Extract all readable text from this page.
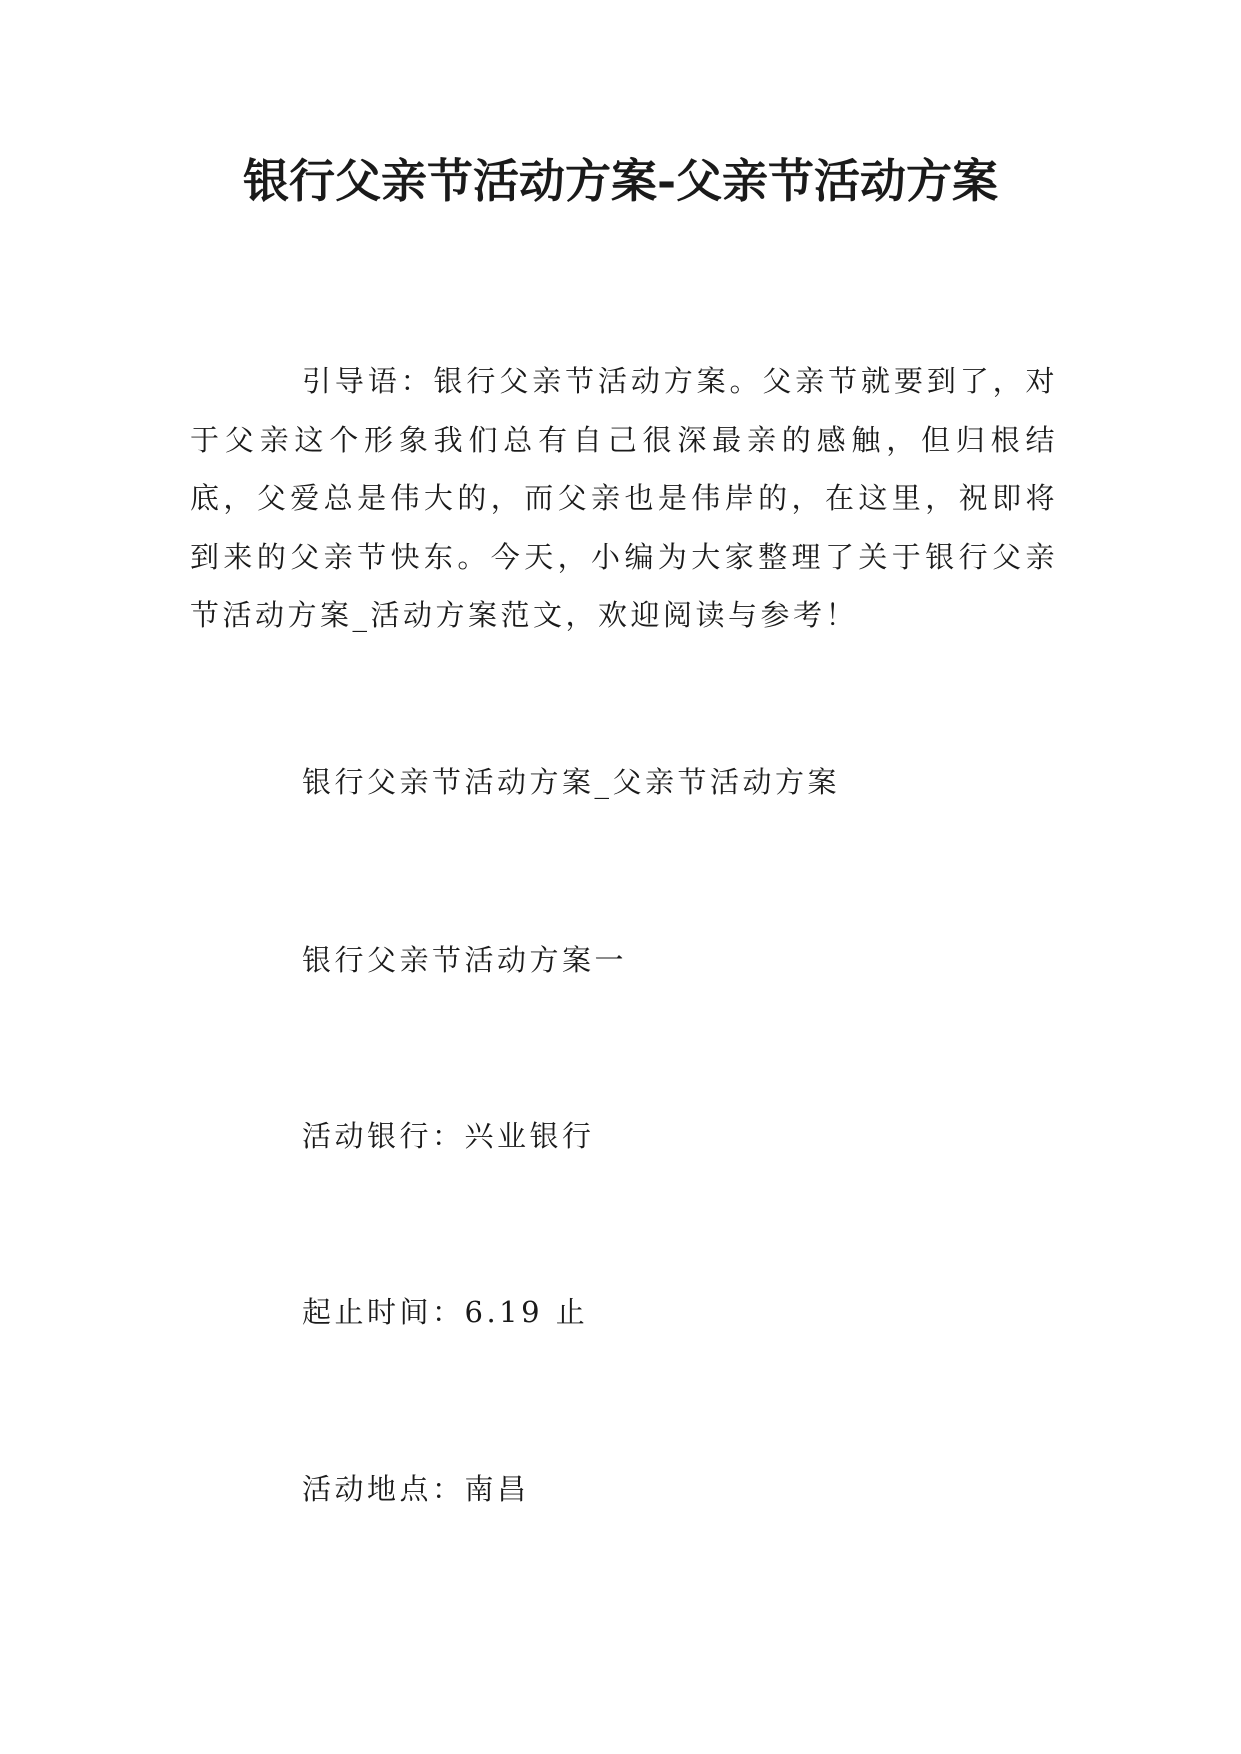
银行父亲节活动方案-父亲节活动方案

引导语：银行父亲节活动方案。父亲节就要到了，对于父亲这个形象我们总有自己很深最亲的感触，但归根结底，父爱总是伟大的，而父亲也是伟岸的，在这里，祝即将到来的父亲节快东。今天，小编为大家整理了关于银行父亲节活动方案_活动方案范文，欢迎阅读与参考！

银行父亲节活动方案_父亲节活动方案

银行父亲节活动方案一

活动银行：兴业银行

起止时间：6.19 止

活动地点：南昌
